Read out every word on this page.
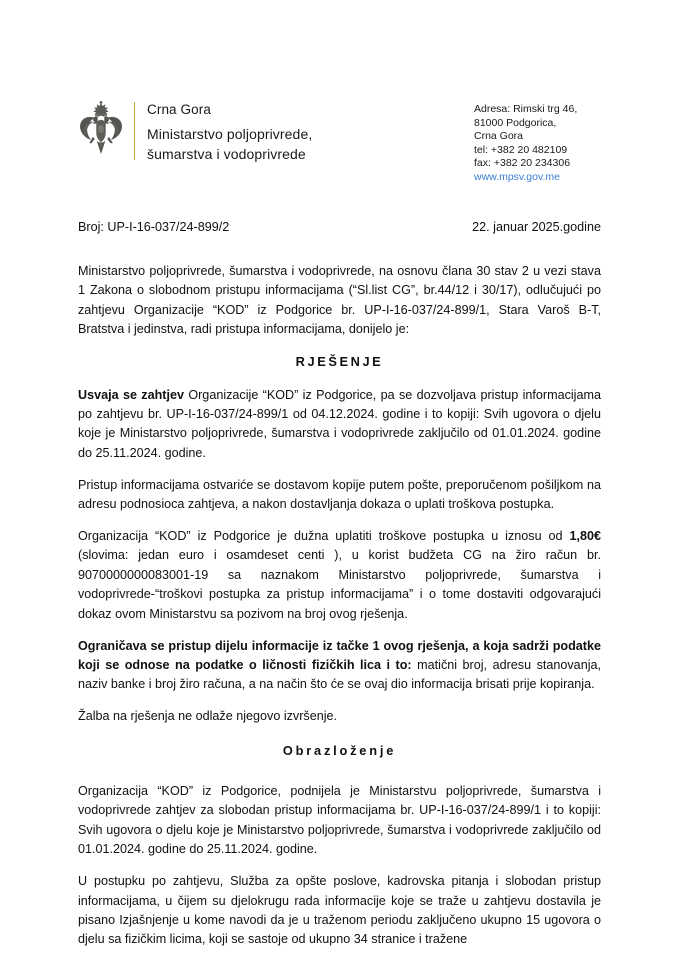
Crna Gora
Ministarstvo poljoprivrede,
šumarstva i vodoprivrede
Adresa: Rimski trg 46,
81000 Podgorica,
Crna Gora
tel: +382 20 482109
fax: +382 20 234306
www.mpsv.gov.me
Broj: UP-I-16-037/24-899/2	22. januar 2025.godine

Ministarstvo poljoprivrede, šumarstva i vodoprivrede, na osnovu člana 30 stav 2 u vezi stava 1 Zakona o slobodnom pristupu informacijama (“Sl.list CG”, br.44/12 i 30/17), odlučujući po zahtjevu Organizacije “KOD” iz Podgorice br. UP-I-16-037/24-899/1, Stara Varoš B-T, Bratstva i jedinstva, radi pristupa informacijama, donijelo je:

RJEŠENJE

Usvaja se zahtjev Organizacije “KOD” iz Podgorice, pa se dozvoljava pristup informacijama po zahtjevu br. UP-I-16-037/24-899/1 od 04.12.2024. godine i to kopiji: Svih ugovora o djelu koje je Ministarstvo poljoprivrede, šumarstva i vodoprivrede zaključilo od 01.01.2024. godine do 25.11.2024. godine.

Pristup informacijama ostvariće se dostavom kopije putem pošte, preporučenom pošiljkom na adresu podnosioca zahtjeva, a nakon dostavljanja dokaza o uplati troškova postupka.

Organizacija “KOD” iz Podgorice je dužna uplatiti troškove postupka u iznosu od 1,80€ (slovima: jedan euro i osamdeset centi ), u korist budžeta CG na žiro račun br. 9070000000083001-19 sa naznakom Ministarstvo poljoprivrede, šumarstva i vodoprivrede-“troškovi postupka za pristup informacijama” i o tome dostaviti odgovarajući dokaz ovom Ministarstvu sa pozivom na broj ovog rješenja.

Ograničava se pristup dijelu informacije iz tačke 1 ovog rješenja, a koja sadrži podatke koji se odnose na podatke o ličnosti fizičkih lica i to: matični broj, adresu stanovanja, naziv banke i broj žiro računa, a na način što će se ovaj dio informacija brisati prije kopiranja.

Žalba na rješenja ne odlaže njegovo izvršenje.

Obrazloženje

Organizacija “KOD” iz Podgorice, podnijela je Ministarstvu poljoprivrede, šumarstva i vodoprivrede zahtjev za slobodan pristup informacijama br. UP-I-16-037/24-899/1 i to kopiji: Svih ugovora o djelu koje je Ministarstvo poljoprivrede, šumarstva i vodoprivrede zaključilo od 01.01.2024. godine do 25.11.2024. godine.

U postupku po zahtjevu, Služba za opšte poslove, kadrovska pitanja i slobodan pristup informacijama, u čijem su djelokrugu rada informacije koje se traže u zahtjevu dostavila je pisano Izjašnjenje u kome navodi da je u traženom periodu zaključeno ukupno 15 ugovora o djelu sa fizičkim licima, koji se sastoje od ukupno 34 stranice i tražene
